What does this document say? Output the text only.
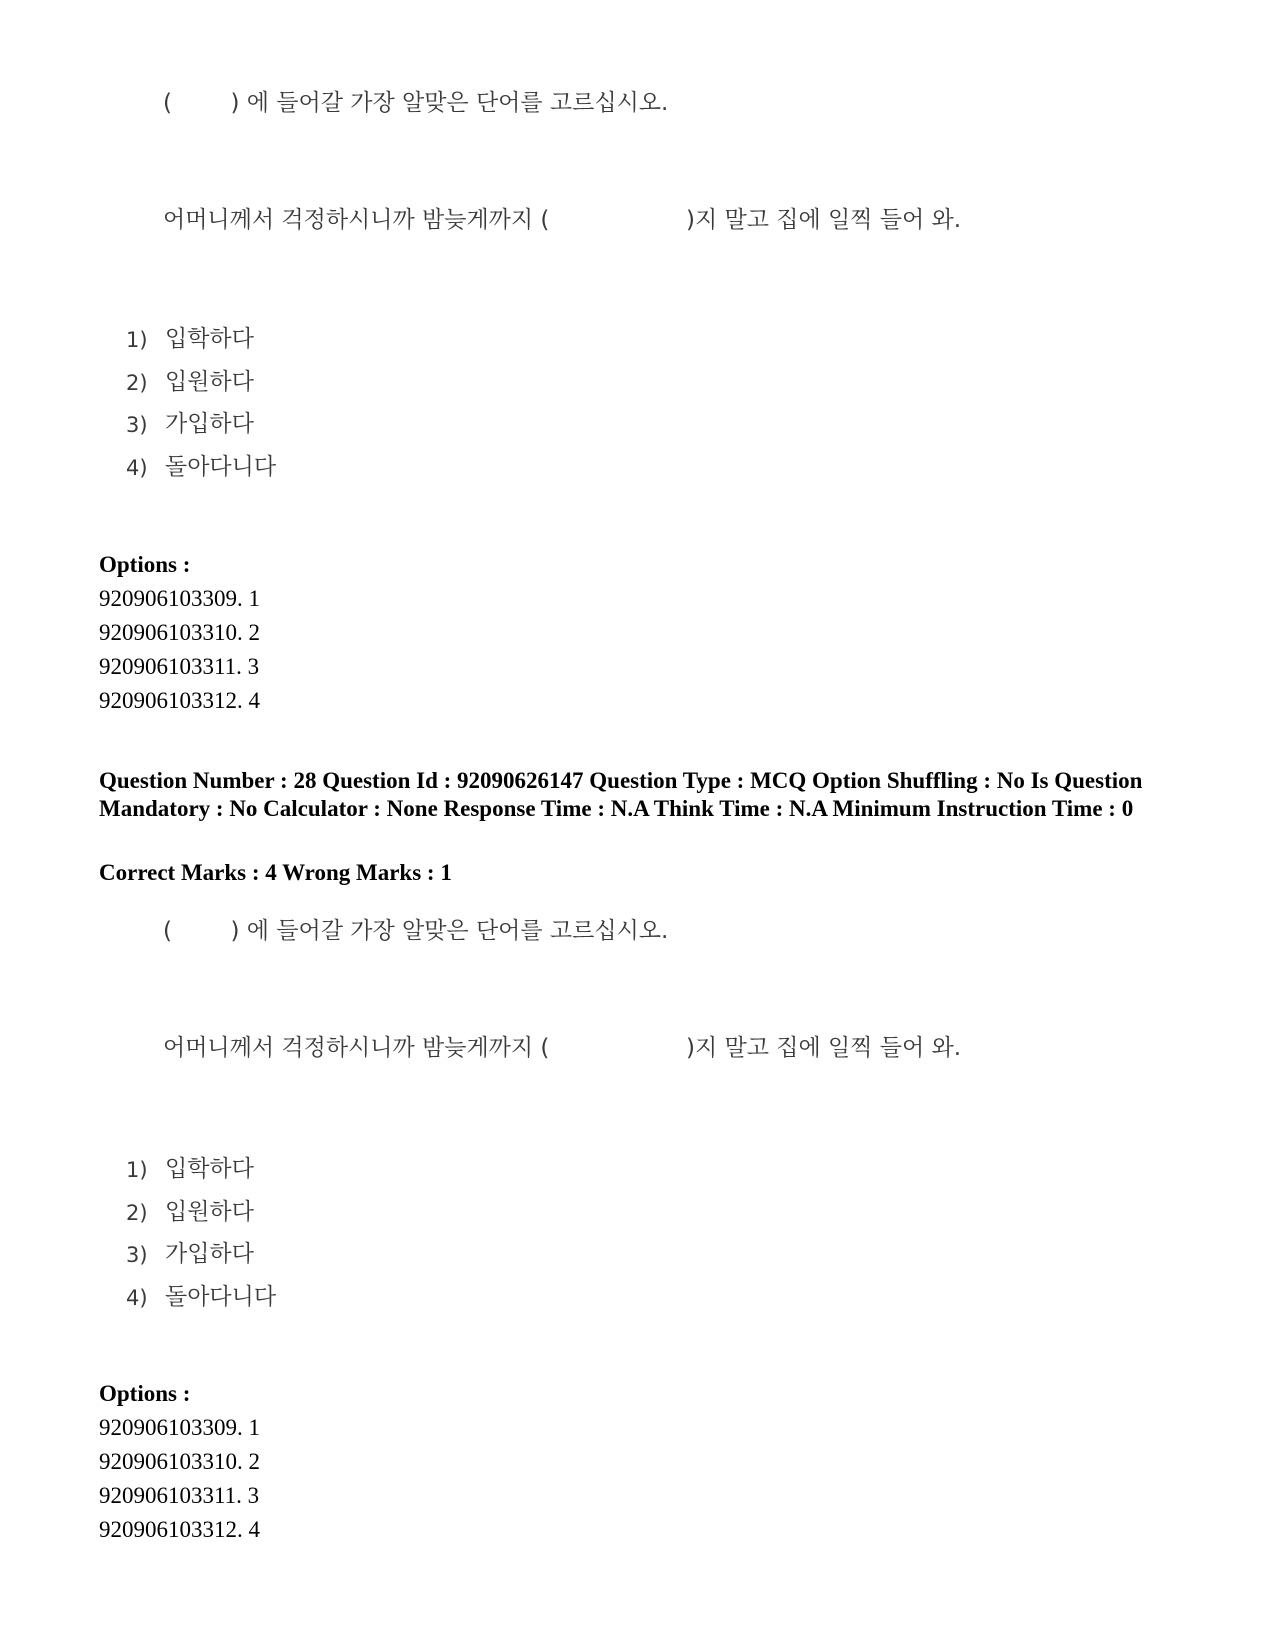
(        ) 에 들어갈 가장 알맞은 단어를 고르십시오.
어머니께서 걱정하시니까 밤늦게까지 (	)지 말고 집에 일찍 들어 와.
1) 입학하다
2) 입원하다
3) 가입하다
4) 돌아다니다
Options :
920906103309. 1
920906103310. 2
920906103311. 3
920906103312. 4
Question Number : 28 Question Id : 92090626147 Question Type : MCQ Option Shuffling : No Is Question Mandatory : No Calculator : None Response Time : N.A Think Time : N.A Minimum Instruction Time : 0
Correct Marks : 4 Wrong Marks : 1
(        ) 에 들어갈 가장 알맞은 단어를 고르십시오.
어머니께서 걱정하시니까 밤늦게까지 (	)지 말고 집에 일찍 들어 와.
1) 입학하다
2) 입원하다
3) 가입하다
4) 돌아다니다
Options :
920906103309. 1
920906103310. 2
920906103311. 3
920906103312. 4
